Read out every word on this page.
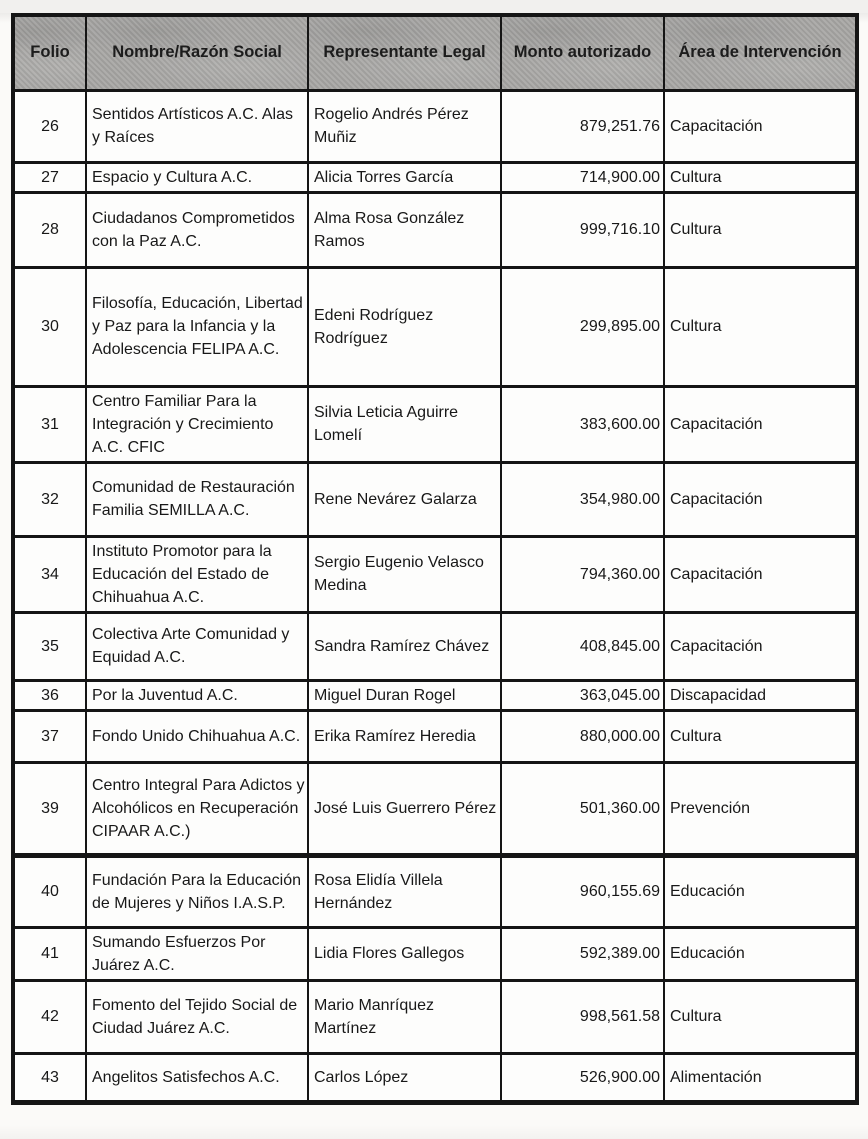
Folio	Nombre/Razón Social	Representante Legal	Monto autorizado	Área de Intervención
26	Sentidos Artísticos A.C. Alas y Raíces	Rogelio Andrés Pérez Muñiz	879,251.76	Capacitación
27	Espacio y Cultura A.C.	Alicia Torres García	714,900.00	Cultura
28	Ciudadanos Comprometidos con la Paz A.C.	Alma Rosa González Ramos	999,716.10	Cultura
30	Filosofía, Educación, Libertad y Paz para la Infancia y la Adolescencia FELIPA A.C.	Edeni Rodríguez Rodríguez	299,895.00	Cultura
31	Centro Familiar Para la Integración y Crecimiento A.C. CFIC	Silvia Leticia Aguirre Lomelí	383,600.00	Capacitación
32	Comunidad de Restauración Familia SEMILLA A.C.	Rene Nevárez Galarza	354,980.00	Capacitación
34	Instituto Promotor para la Educación del Estado de Chihuahua A.C.	Sergio Eugenio Velasco Medina	794,360.00	Capacitación
35	Colectiva Arte Comunidad y Equidad A.C.	Sandra Ramírez Chávez	408,845.00	Capacitación
36	Por la Juventud A.C.	Miguel Duran Rogel	363,045.00	Discapacidad
37	Fondo Unido Chihuahua A.C.	Erika Ramírez Heredia	880,000.00	Cultura
39	Centro Integral Para Adictos y Alcohólicos en Recuperación CIPAAR A.C.)	José Luis Guerrero Pérez	501,360.00	Prevención
40	Fundación Para la Educación de Mujeres y Niños I.A.S.P.	Rosa Elidía Villela Hernández	960,155.69	Educación
41	Sumando Esfuerzos Por Juárez A.C.	Lidia Flores Gallegos	592,389.00	Educación
42	Fomento del Tejido Social de Ciudad Juárez A.C.	Mario Manríquez Martínez	998,561.58	Cultura
43	Angelitos Satisfechos A.C.	Carlos López	526,900.00	Alimentación
